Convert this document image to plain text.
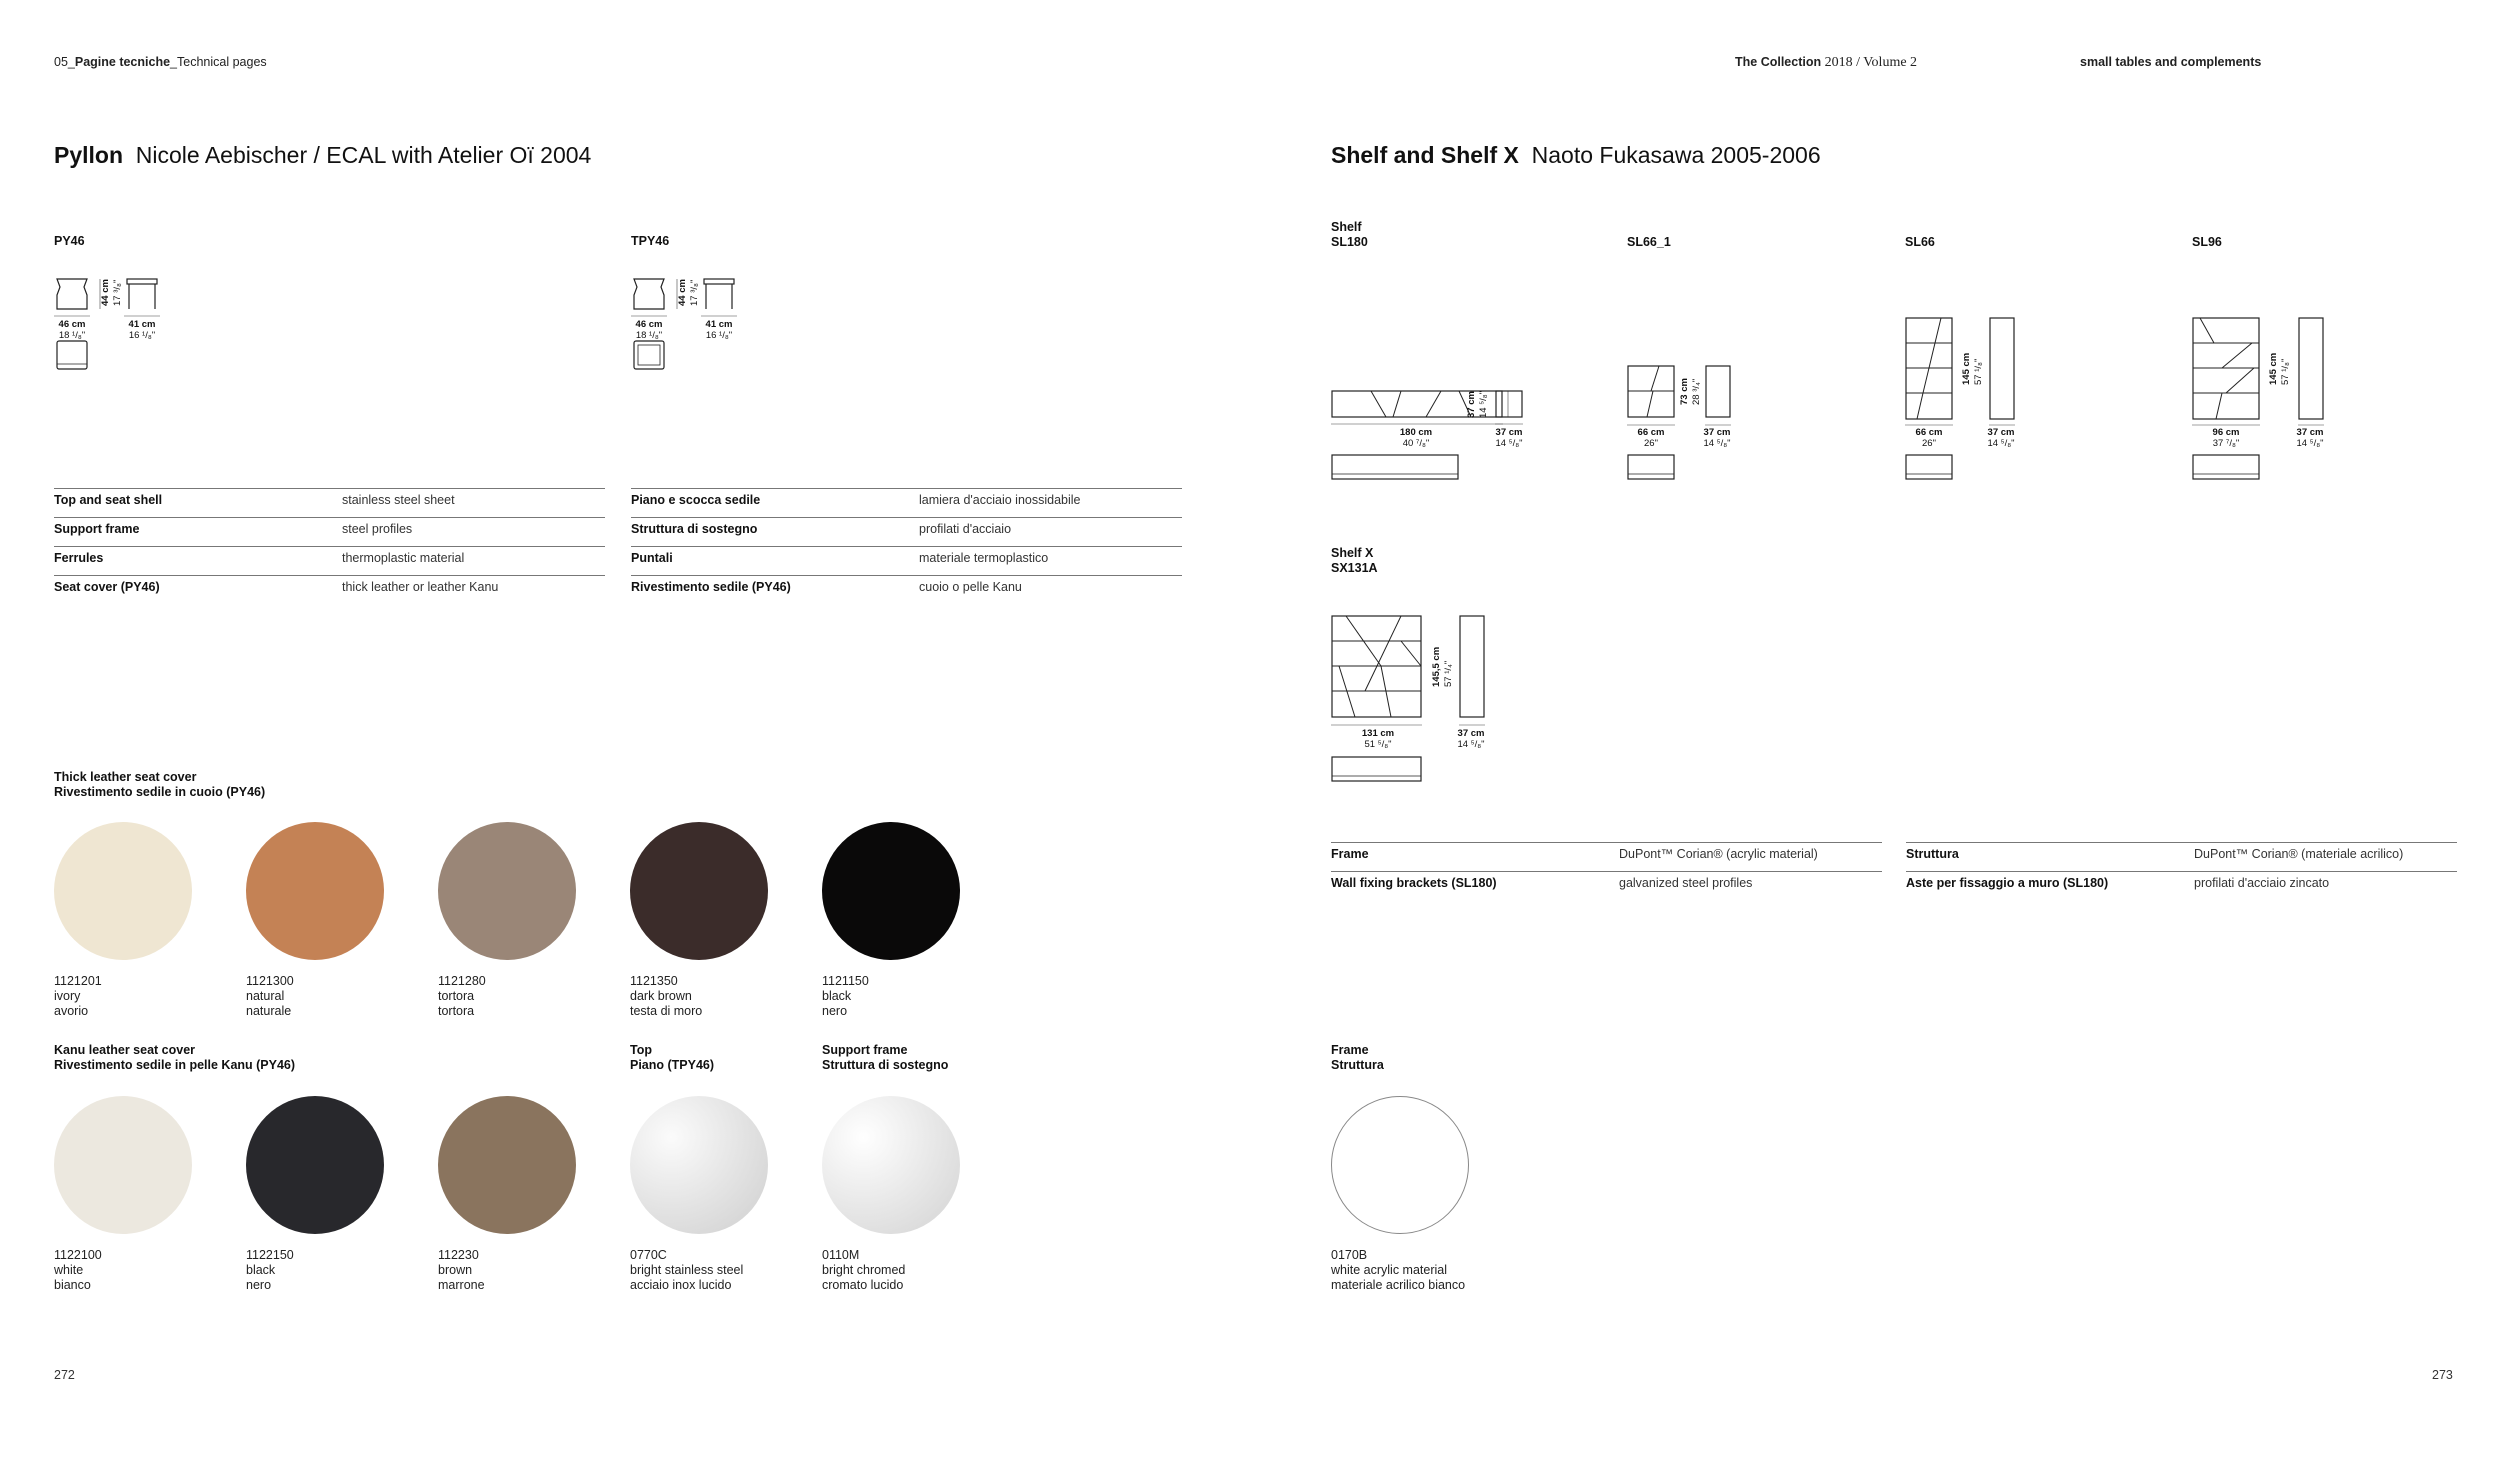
05_Pagine tecniche_Technical pages	The Collection 2018 / Volume 2	small tables and complements
Pyllon Nicole Aebischer / ECAL with Atelier Oï 2004
PY46
44 cm 17 ³/₈"
46 cm
18 ¹/₈"
41 cm
16 ¹/₈"
TPY46
44 cm 17 ³/₈"
46 cm
18 ¹/₈"
41 cm
16 ¹/₈"
Top and seat shell	stainless steel sheet
Support frame	steel profiles
Ferrules	thermoplastic material
Seat cover (PY46)	thick leather or leather Kanu
Piano e scocca sedile	lamiera d'acciaio inossidabile
Struttura di sostegno	profilati d'acciaio
Puntali	materiale termoplastico
Rivestimento sedile (PY46)	cuoio o pelle Kanu
Thick leather seat cover
Rivestimento sedile in cuoio (PY46)
1121201
ivory
avorio
1121300
natural
naturale
1121280
tortora
tortora
1121350
dark brown
testa di moro
1121150
black
nero
Kanu leather seat cover
Rivestimento sedile in pelle Kanu (PY46)
Top
Piano (TPY46)
Support frame
Struttura di sostegno
1122100
white
bianco
1122150
black
nero
112230
brown
marrone
0770C
bright stainless steel
acciaio inox lucido
0110M
bright chromed
cromato lucido
272
Shelf and Shelf X Naoto Fukasawa 2005-2006
Shelf
SL180
37 cm 14 ⁵/₈"
180 cm
40 ⁷/₈"
37 cm
14 ⁵/₈"
SL66_1
73 cm 28 ³/₄"
66 cm
26"
37 cm
14 ⁵/₈"
SL66
145 cm 57 ¹/₈"
66 cm
26"
37 cm
14 ⁵/₈"
SL96
145 cm 57 ¹/₈"
96 cm
37 ⁷/₈"
37 cm
14 ⁵/₈"
Shelf X
SX131A
145,5 cm 57 ¹/₄"
131 cm
51 ⁵/₈"
37 cm
14 ⁵/₈"
Frame	DuPont™ Corian® (acrylic material)
Wall fixing brackets (SL180)	galvanized steel profiles
Struttura	DuPont™ Corian® (materiale acrilico)
Aste per fissaggio a muro (SL180)	profilati d'acciaio zincato
Frame
Struttura
0170B
white acrylic material
materiale acrilico bianco
273
